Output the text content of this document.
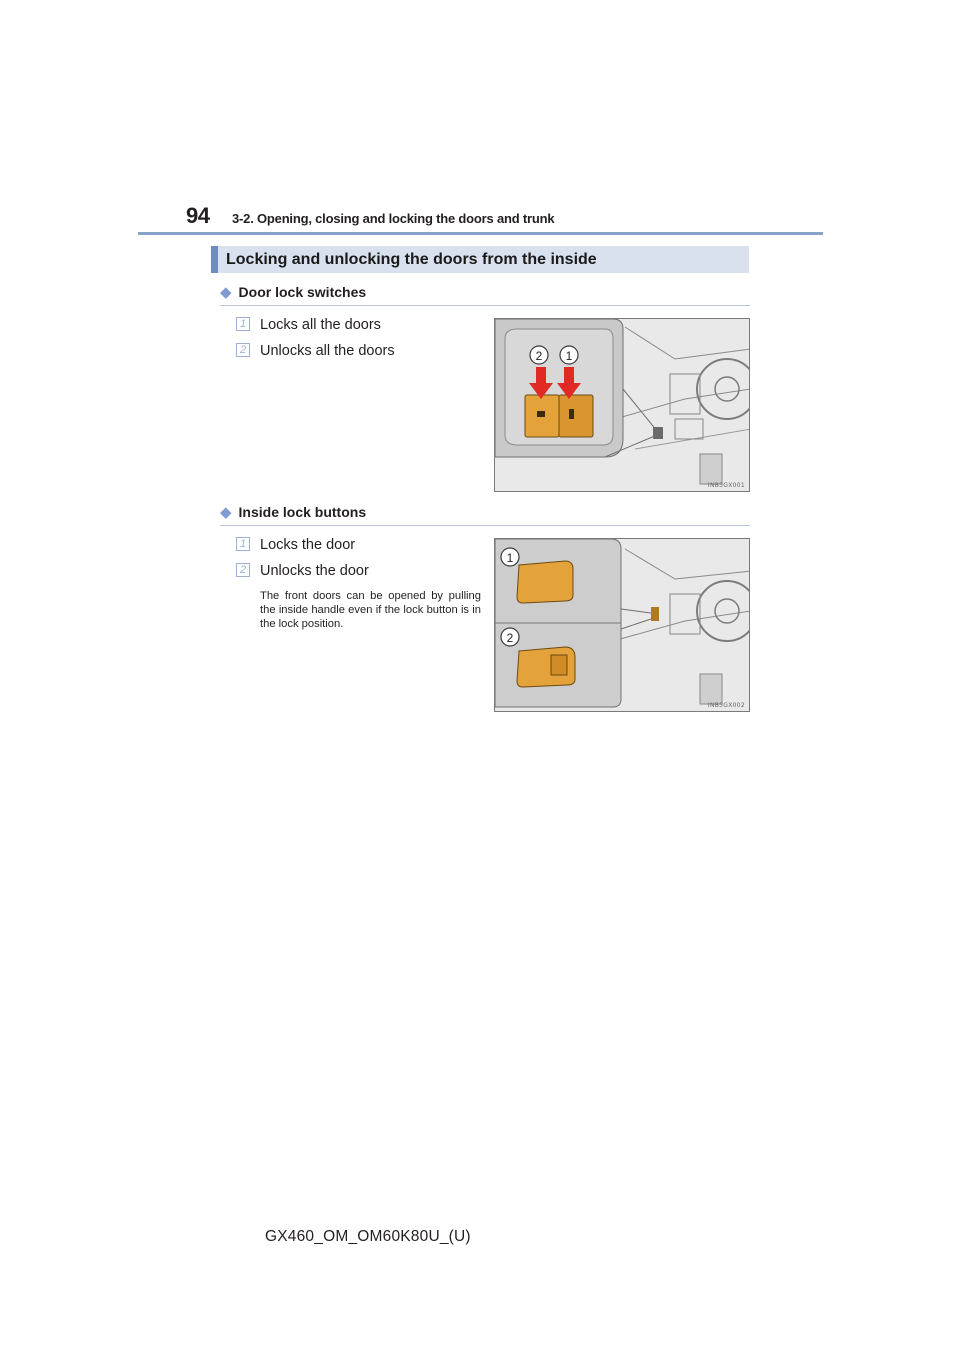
94 3-2. Opening, closing and locking the doors and trunk
Locking and unlocking the doors from the inside
◆ Door lock switches
1 Locks all the doors
2 Unlocks all the doors	2 1
INB3GX001
◆ Inside lock buttons
1 Locks the door
2 Unlocks the door
The front doors can be opened by pulling the inside handle even if the lock button is in the lock position.
1
2
INB3GX002
GX460_OM_OM60K80U_(U)
